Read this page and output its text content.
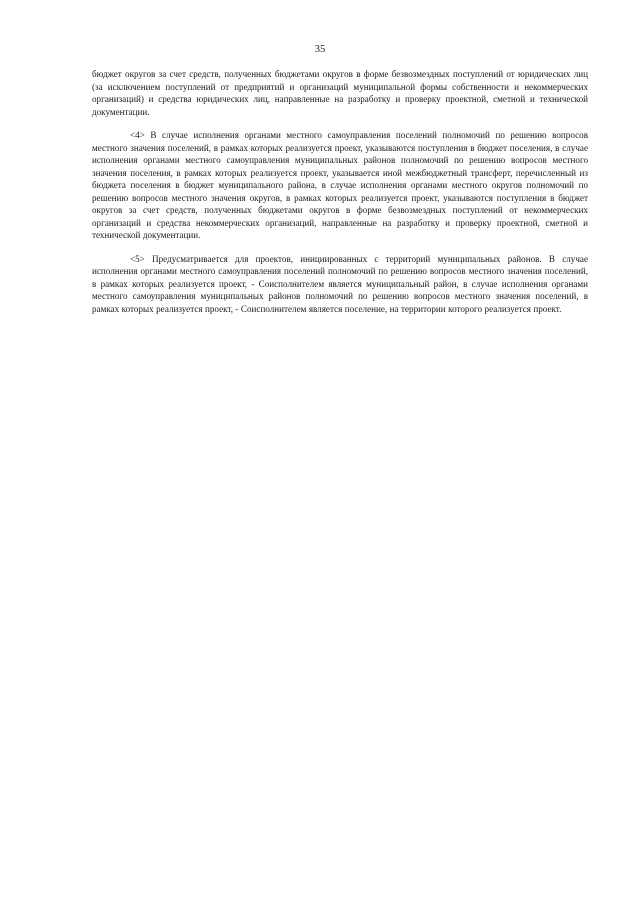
35

бюджет округов за счет средств, полученных бюджетами округов в форме безвозмездных поступлений от юридических лиц (за исключением поступлений от предприятий и организаций муниципальной формы собственности и некоммерческих организаций) и средства юридических лиц, направленные на разработку и проверку проектной, сметной и технической документации.

<4> В случае исполнения органами местного самоуправления поселений полномочий по решению вопросов местного значения поселений, в рамках которых реализуется проект, указываются поступления в бюджет поселения, в случае исполнения органами местного самоуправления муниципальных районов полномочий по решению вопросов местного значения поселения, в рамках которых реализуется проект, указывается иной межбюджетный трансферт, перечисленный из бюджета поселения в бюджет муниципального района, в случае исполнения органами местного округов полномочий по решению вопросов местного значения округов, в рамках которых реализуется проект, указываются поступления в бюджет округов за счет средств, полученных бюджетами округов в форме безвозмездных поступлений от некоммерческих организаций и средства некоммерческих организаций, направленные на разработку и проверку проектной, сметной и технической документации.

<5> Предусматривается для проектов, инициированных с территорий муниципальных районов. В случае исполнения органами местного самоуправления поселений полномочий по решению вопросов местного значения поселений, в рамках которых реализуется проект, - Соисполнителем является муниципальный район, в случае исполнения органами местного самоуправления муниципальных районов полномочий по решению вопросов местного значения поселений, в рамках которых реализуется проект, - Соисполнителем является поселение, на территории которого реализуется проект.
